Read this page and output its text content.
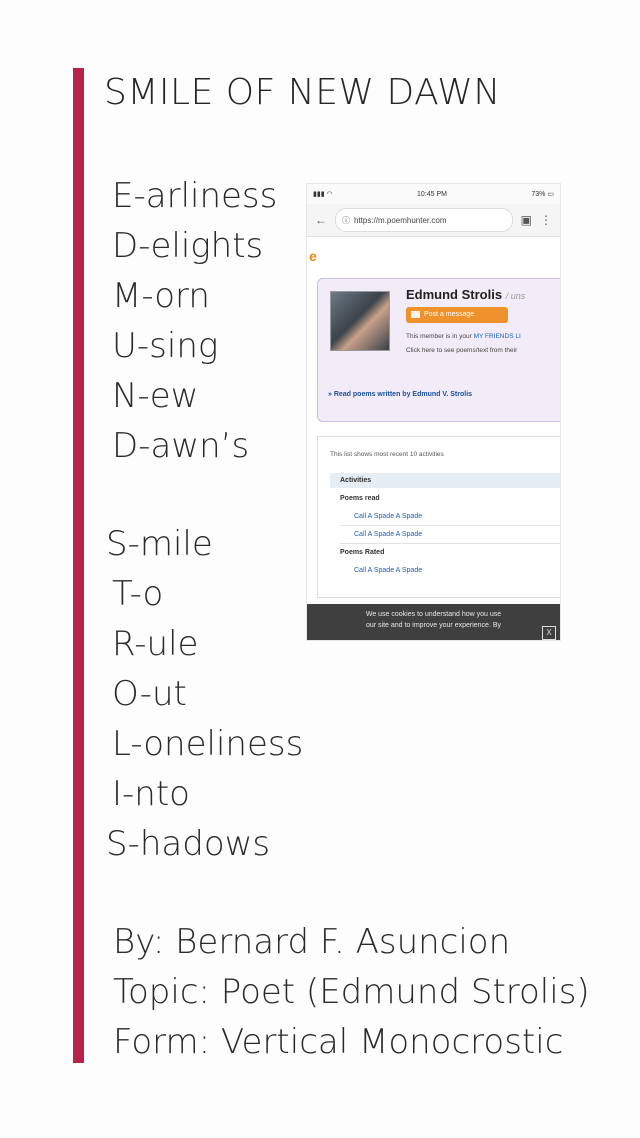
SMILE OF NEW DAWN
E-arliness
D-elights
M-orn
U-sing
N-ew
D-awn’s
S-mile
T-o
R-ule
O-ut
L-oneliness
I-nto
S-hadows
By: Bernard F. Asuncion
Topic: Poet (Edmund Strolis)
Form: Vertical Monocrostic
▮▮▮ ◠	10:45 PM	73% ▭
← ⓘ https://m.poemhunter.com	▣ ⋮
e
Edmund Strolis / uns
Post a message
This member is in your MY FRIENDS LI
Click here to see poems/text from their
» Read poems written by Edmund V. Strolis
This list shows most recent 10 activities
Activities
Poems read
Call A Spade A Spade
Call A Spade A Spade
Poems Rated
Call A Spade A Spade
We use cookies to understand how you use
our site and to improve your experience. By
X
